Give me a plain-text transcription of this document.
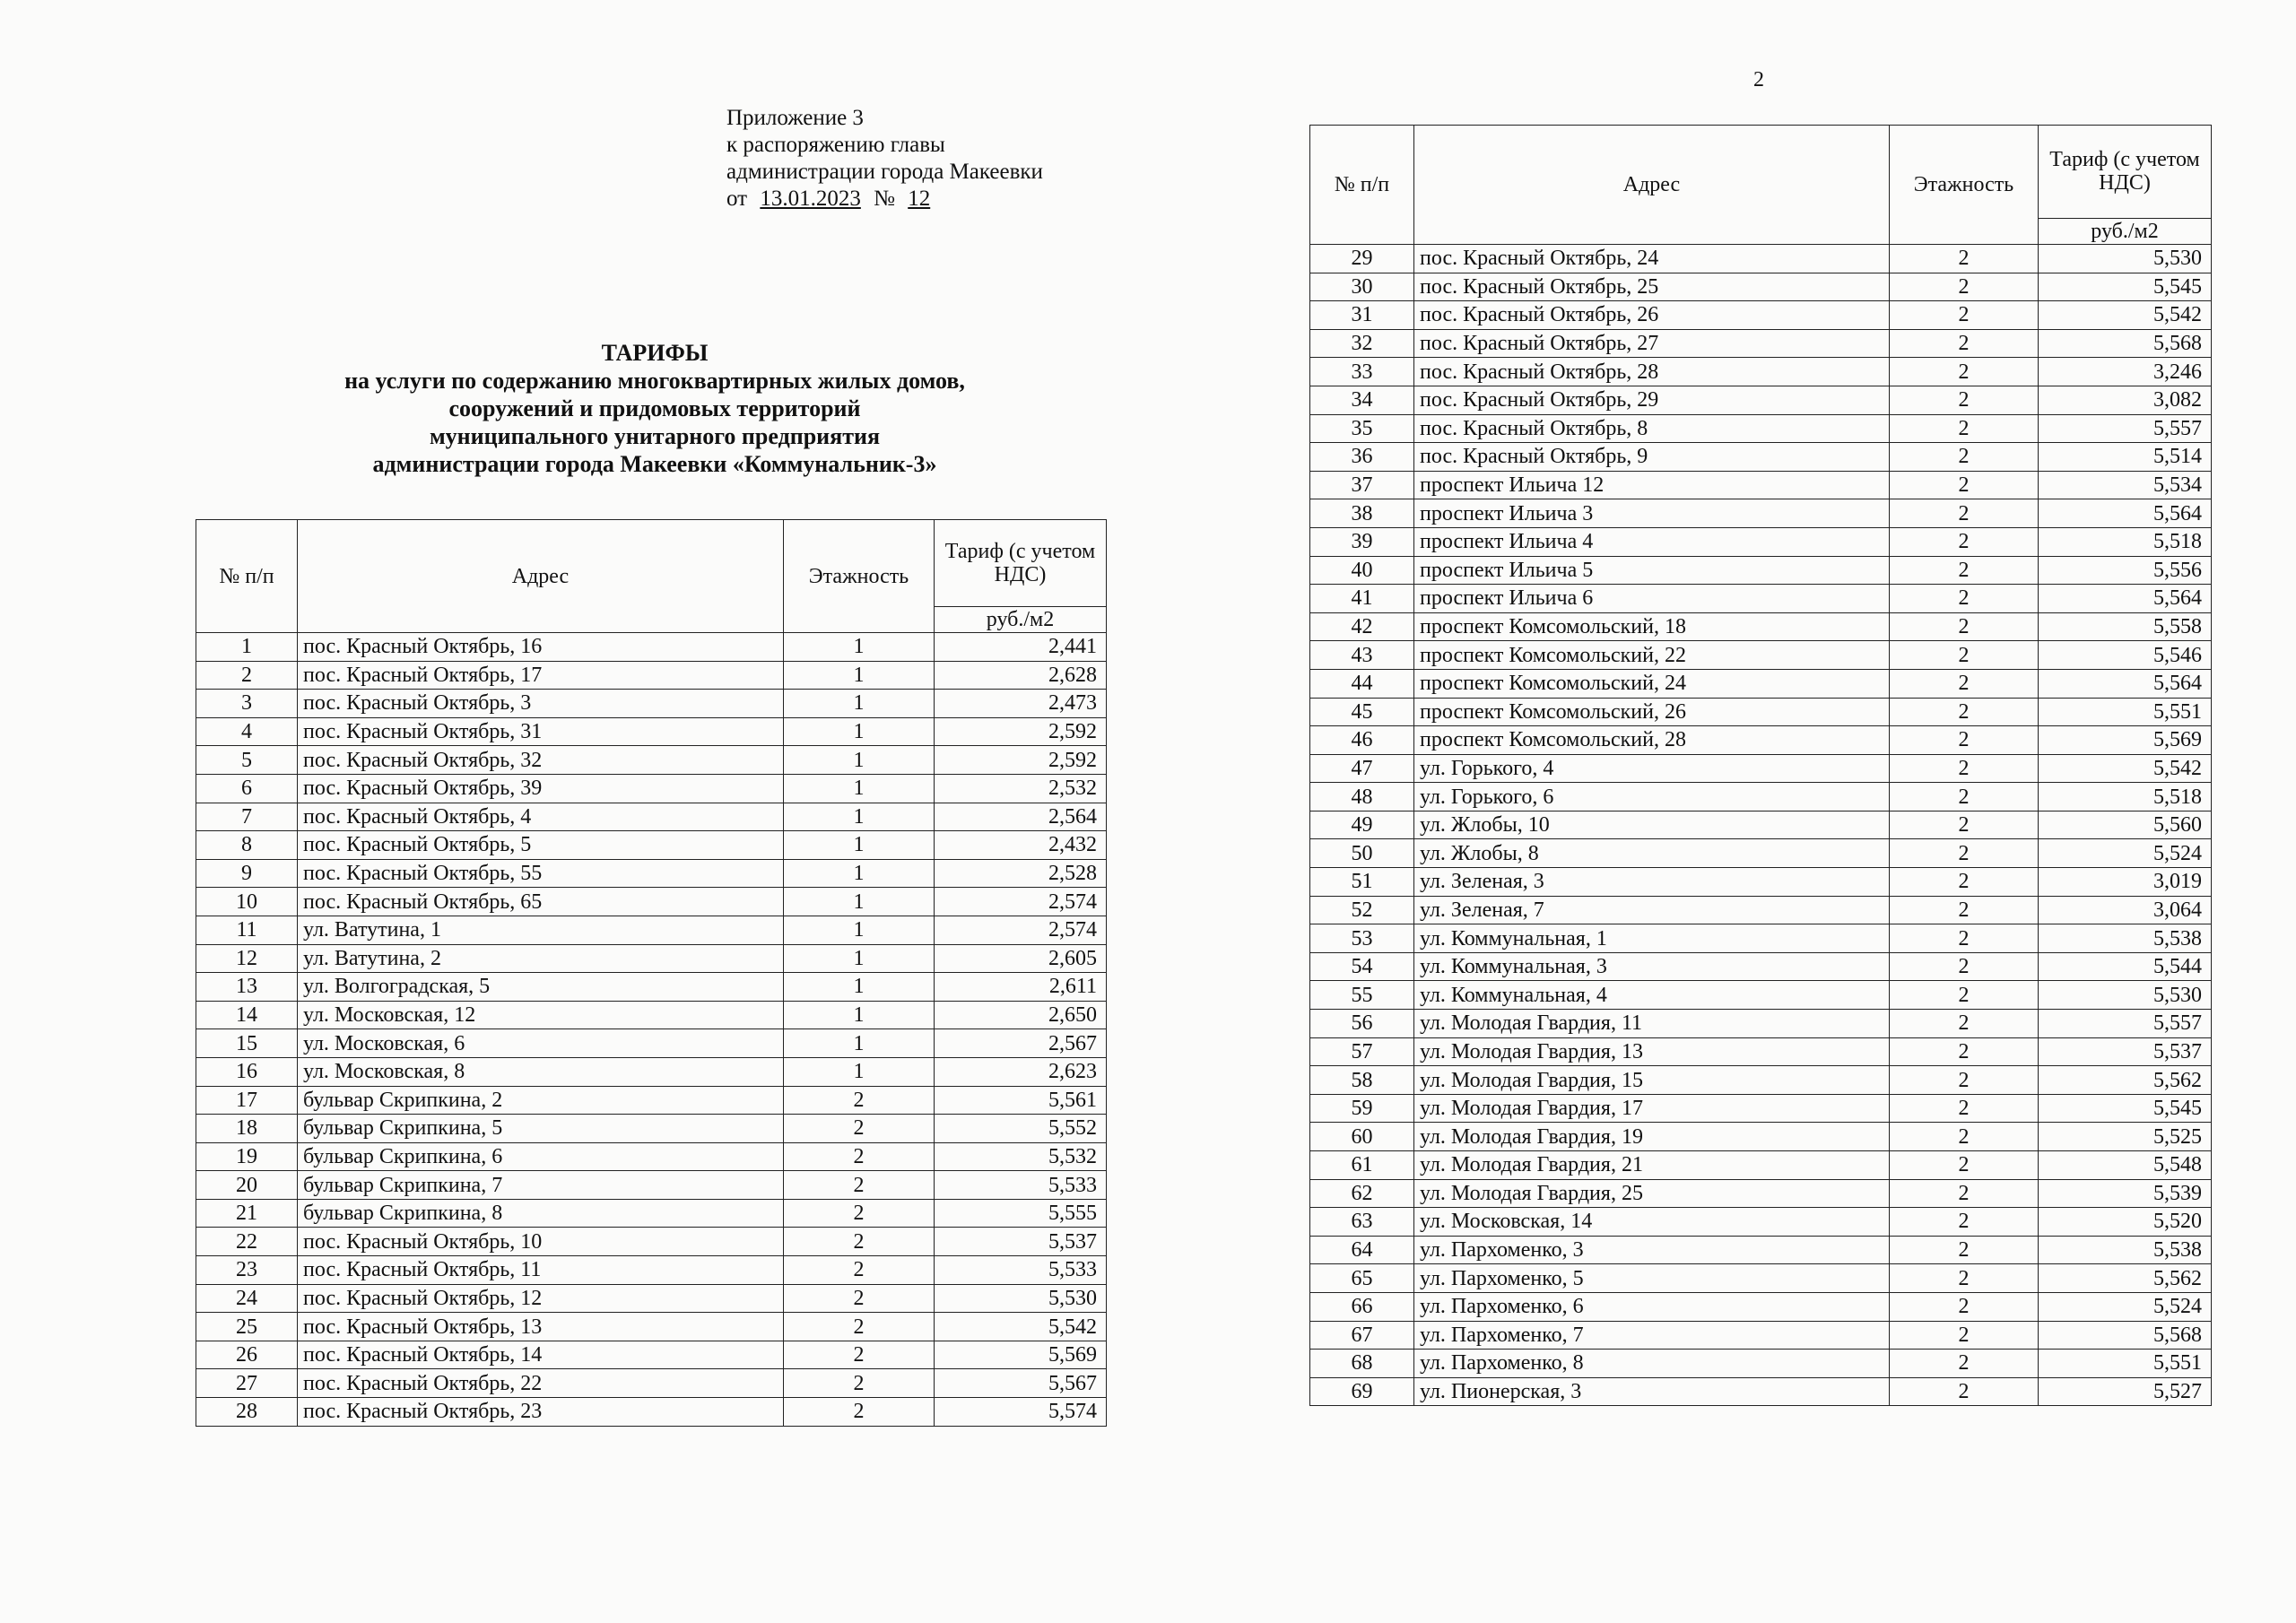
Приложение 3
к распоряжению главы
администрации города Макеевки
от 13.01.2023 № 12
ТАРИФЫ
на услуги по содержанию многоквартирных жилых домов,
сооружений и придомовых территорий
муниципального унитарного предприятия
администрации города Макеевки «Коммунальник-3»
№ п/п	Адрес	Этажность	Тариф (с учетом НДС)
			руб./м2
1	пос. Красный Октябрь, 16	1	2,441
2	пос. Красный Октябрь, 17	1	2,628
3	пос. Красный Октябрь, 3	1	2,473
4	пос. Красный Октябрь, 31	1	2,592
5	пос. Красный Октябрь, 32	1	2,592
6	пос. Красный Октябрь, 39	1	2,532
7	пос. Красный Октябрь, 4	1	2,564
8	пос. Красный Октябрь, 5	1	2,432
9	пос. Красный Октябрь, 55	1	2,528
10	пос. Красный Октябрь, 65	1	2,574
11	ул. Ватутина, 1	1	2,574
12	ул. Ватутина, 2	1	2,605
13	ул. Волгоградская, 5	1	2,611
14	ул. Московская, 12	1	2,650
15	ул. Московская, 6	1	2,567
16	ул. Московская, 8	1	2,623
17	бульвар Скрипкина, 2	2	5,561
18	бульвар Скрипкина, 5	2	5,552
19	бульвар Скрипкина, 6	2	5,532
20	бульвар Скрипкина, 7	2	5,533
21	бульвар Скрипкина, 8	2	5,555
22	пос. Красный Октябрь, 10	2	5,537
23	пос. Красный Октябрь, 11	2	5,533
24	пос. Красный Октябрь, 12	2	5,530
25	пос. Красный Октябрь, 13	2	5,542
26	пос. Красный Октябрь, 14	2	5,569
27	пос. Красный Октябрь, 22	2	5,567
28	пос. Красный Октябрь, 23	2	5,574
2
№ п/п	Адрес	Этажность	Тариф (с учетом НДС)
			руб./м2
29	пос. Красный Октябрь, 24	2	5,530
30	пос. Красный Октябрь, 25	2	5,545
31	пос. Красный Октябрь, 26	2	5,542
32	пос. Красный Октябрь, 27	2	5,568
33	пос. Красный Октябрь, 28	2	3,246
34	пос. Красный Октябрь, 29	2	3,082
35	пос. Красный Октябрь, 8	2	5,557
36	пос. Красный Октябрь, 9	2	5,514
37	проспект Ильича 12	2	5,534
38	проспект Ильича 3	2	5,564
39	проспект Ильича 4	2	5,518
40	проспект Ильича 5	2	5,556
41	проспект Ильича 6	2	5,564
42	проспект Комсомольский, 18	2	5,558
43	проспект Комсомольский, 22	2	5,546
44	проспект Комсомольский, 24	2	5,564
45	проспект Комсомольский, 26	2	5,551
46	проспект Комсомольский, 28	2	5,569
47	ул. Горького, 4	2	5,542
48	ул. Горького, 6	2	5,518
49	ул. Жлобы, 10	2	5,560
50	ул. Жлобы, 8	2	5,524
51	ул. Зеленая, 3	2	3,019
52	ул. Зеленая, 7	2	3,064
53	ул. Коммунальная, 1	2	5,538
54	ул. Коммунальная, 3	2	5,544
55	ул. Коммунальная, 4	2	5,530
56	ул. Молодая Гвардия, 11	2	5,557
57	ул. Молодая Гвардия, 13	2	5,537
58	ул. Молодая Гвардия, 15	2	5,562
59	ул. Молодая Гвардия, 17	2	5,545
60	ул. Молодая Гвардия, 19	2	5,525
61	ул. Молодая Гвардия, 21	2	5,548
62	ул. Молодая Гвардия, 25	2	5,539
63	ул. Московская, 14	2	5,520
64	ул. Пархоменко, 3	2	5,538
65	ул. Пархоменко, 5	2	5,562
66	ул. Пархоменко, 6	2	5,524
67	ул. Пархоменко, 7	2	5,568
68	ул. Пархоменко, 8	2	5,551
69	ул. Пионерская, 3	2	5,527
